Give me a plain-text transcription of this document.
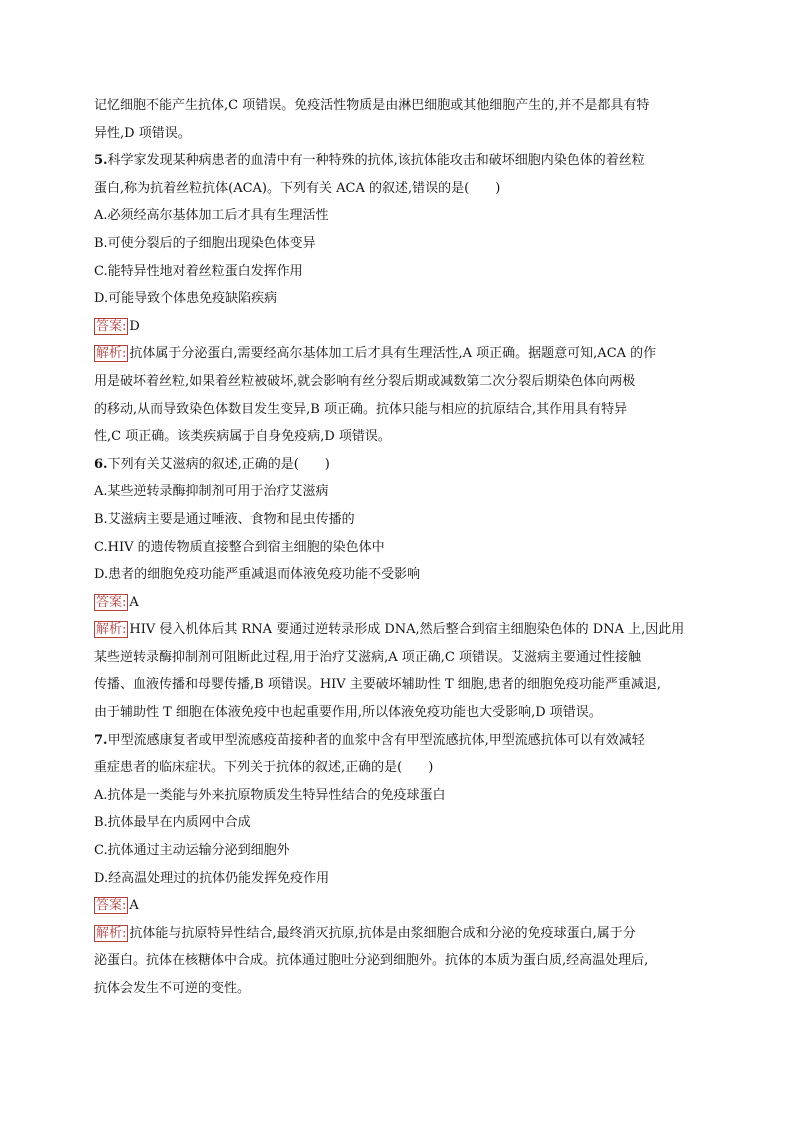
记忆细胞不能产生抗体,C 项错误。免疫活性物质是由淋巴细胞或其他细胞产生的,并不是都具有特
异性,D 项错误。
5.科学家发现某种病患者的血清中有一种特殊的抗体,该抗体能攻击和破坏细胞内染色体的着丝粒
蛋白,称为抗着丝粒抗体(ACA)。下列有关 ACA 的叙述,错误的是(　　)
A.必须经高尔基体加工后才具有生理活性
B.可使分裂后的子细胞出现染色体变异
C.能特异性地对着丝粒蛋白发挥作用
D.可能导致个体患免疫缺陷疾病
答案: D
解析: 抗体属于分泌蛋白,需要经高尔基体加工后才具有生理活性,A 项正确。据题意可知,ACA 的作
用是破坏着丝粒,如果着丝粒被破坏,就会影响有丝分裂后期或减数第二次分裂后期染色体向两极
的移动,从而导致染色体数目发生变异,B 项正确。抗体只能与相应的抗原结合,其作用具有特异
性,C 项正确。该类疾病属于自身免疫病,D 项错误。
6.下列有关艾滋病的叙述,正确的是(　　)
A.某些逆转录酶抑制剂可用于治疗艾滋病
B.艾滋病主要是通过唾液、食物和昆虫传播的
C.HIV 的遗传物质直接整合到宿主细胞的染色体中
D.患者的细胞免疫功能严重减退而体液免疫功能不受影响
答案: A
解析: HIV 侵入机体后其 RNA 要通过逆转录形成 DNA,然后整合到宿主细胞染色体的 DNA 上,因此用
某些逆转录酶抑制剂可阻断此过程,用于治疗艾滋病,A 项正确,C 项错误。艾滋病主要通过性接触
传播、血液传播和母婴传播,B 项错误。HIV 主要破坏辅助性 T 细胞,患者的细胞免疫功能严重减退,
由于辅助性 T 细胞在体液免疫中也起重要作用,所以体液免疫功能也大受影响,D 项错误。
7.甲型流感康复者或甲型流感疫苗接种者的血浆中含有甲型流感抗体,甲型流感抗体可以有效减轻
重症患者的临床症状。下列关于抗体的叙述,正确的是(　　)
A.抗体是一类能与外来抗原物质发生特异性结合的免疫球蛋白
B.抗体最早在内质网中合成
C.抗体通过主动运输分泌到细胞外
D.经高温处理过的抗体仍能发挥免疫作用
答案: A
解析: 抗体能与抗原特异性结合,最终消灭抗原,抗体是由浆细胞合成和分泌的免疫球蛋白,属于分
泌蛋白。抗体在核糖体中合成。抗体通过胞吐分泌到细胞外。抗体的本质为蛋白质,经高温处理后,
抗体会发生不可逆的变性。
